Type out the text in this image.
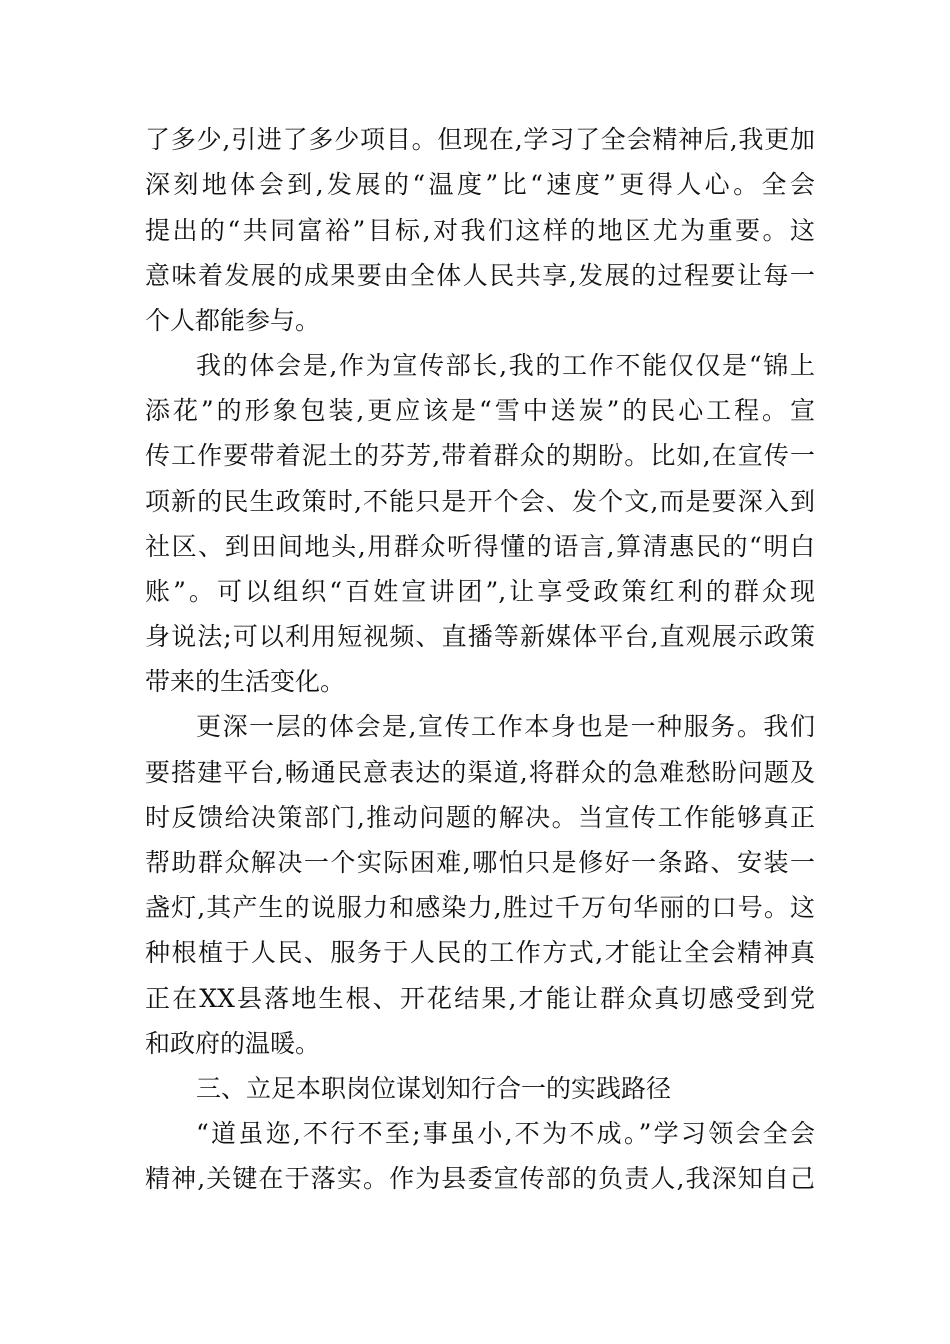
了多少,引进了多少项目。但现在,学习了全会精神后,我更加
深刻地体会到,发展的“温度”比“速度”更得人心。全会
提出的“共同富裕”目标,对我们这样的地区尤为重要。这
意味着发展的成果要由全体人民共享,发展的过程要让每一
个人都能参与。
我的体会是,作为宣传部长,我的工作不能仅仅是“锦上
添花”的形象包装,更应该是“雪中送炭”的民心工程。宣
传工作要带着泥土的芬芳,带着群众的期盼。比如,在宣传一
项新的民生政策时,不能只是开个会、发个文,而是要深入到
社区、到田间地头,用群众听得懂的语言,算清惠民的“明白
账”。可以组织“百姓宣讲团”,让享受政策红利的群众现
身说法;可以利用短视频、直播等新媒体平台,直观展示政策
带来的生活变化。
更深一层的体会是,宣传工作本身也是一种服务。我们
要搭建平台,畅通民意表达的渠道,将群众的急难愁盼问题及
时反馈给决策部门,推动问题的解决。当宣传工作能够真正
帮助群众解决一个实际困难,哪怕只是修好一条路、安装一
盏灯,其产生的说服力和感染力,胜过千万句华丽的口号。这
种根植于人民、服务于人民的工作方式,才能让全会精神真
正在XX县落地生根、开花结果,才能让群众真切感受到党
和政府的温暖。
三、立足本职岗位谋划知行合一的实践路径
“道虽迩,不行不至;事虽小,不为不成。”学习领会全会
精神,关键在于落实。作为县委宣传部的负责人,我深知自己
